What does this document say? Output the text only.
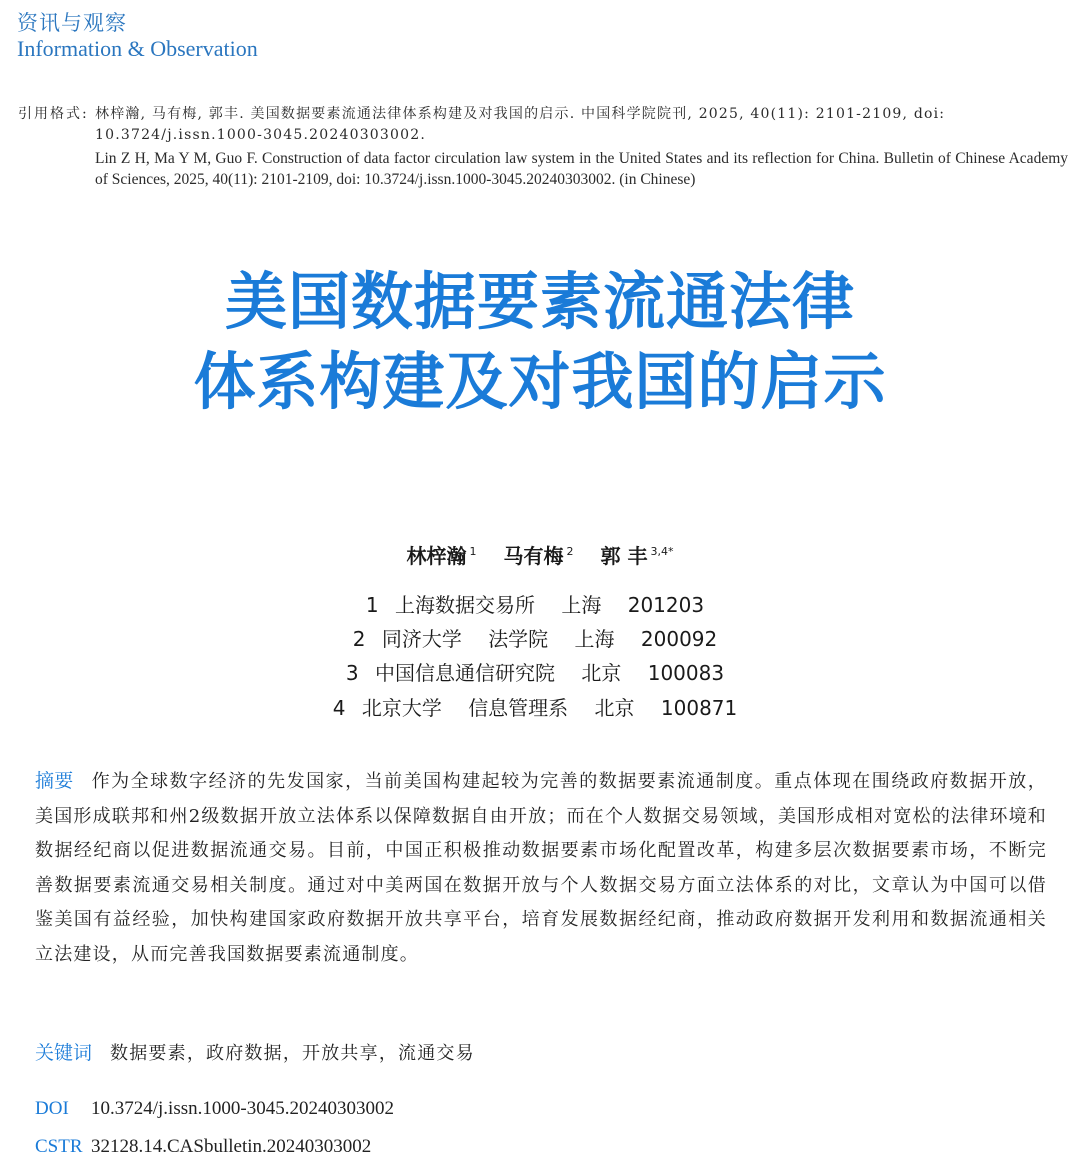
资讯与观察
Information & Observation
引用格式: 林梓瀚, 马有梅, 郭丰. 美国数据要素流通法律体系构建及对我国的启示. 中国科学院院刊, 2025, 40(11): 2101-2109, doi: 10.3724/j.issn.1000-3045.20240303002.
Lin Z H, Ma Y M, Guo F. Construction of data factor circulation law system in the United States and its reflection for China. Bulletin of Chinese Academy of Sciences, 2025, 40(11): 2101-2109, doi: 10.3724/j.issn.1000-3045.20240303002. (in Chinese)
美国数据要素流通法律
体系构建及对我国的启示
林梓瀚 $^1$ 马有梅 $^2$ 郭 丰 $^{3,4*}$
1 上海数据交易所 上海 201203
2 同济大学 法学院 上海 200092
3 中国信息通信研究院 北京 100083
4 北京大学 信息管理系 北京 100871
摘要 作为全球数字经济的先发国家，当前美国构建起较为完善的数据要素流通制度。重点体现在围绕政府数据开放，美国形成联邦和州2级数据开放立法体系以保障数据自由开放；而在个人数据交易领域，美国形成相对宽松的法律环境和数据经纪商以促进数据流通交易。目前，中国正积极推动数据要素市场化配置改革，构建多层次数据要素市场，不断完善数据要素流通交易相关制度。通过对中美两国在数据开放与个人数据交易方面立法体系的对比，文章认为中国可以借鉴美国有益经验，加快构建国家政府数据开放共享平台，培育发展数据经纪商，推动政府数据开发利用和数据流通相关立法建设，从而完善我国数据要素流通制度。
关键词 数据要素，政府数据，开放共享，流通交易
DOI 10.3724/j.issn.1000-3045.20240303002
CSTR 32128.14.CASbulletin.20240303002
